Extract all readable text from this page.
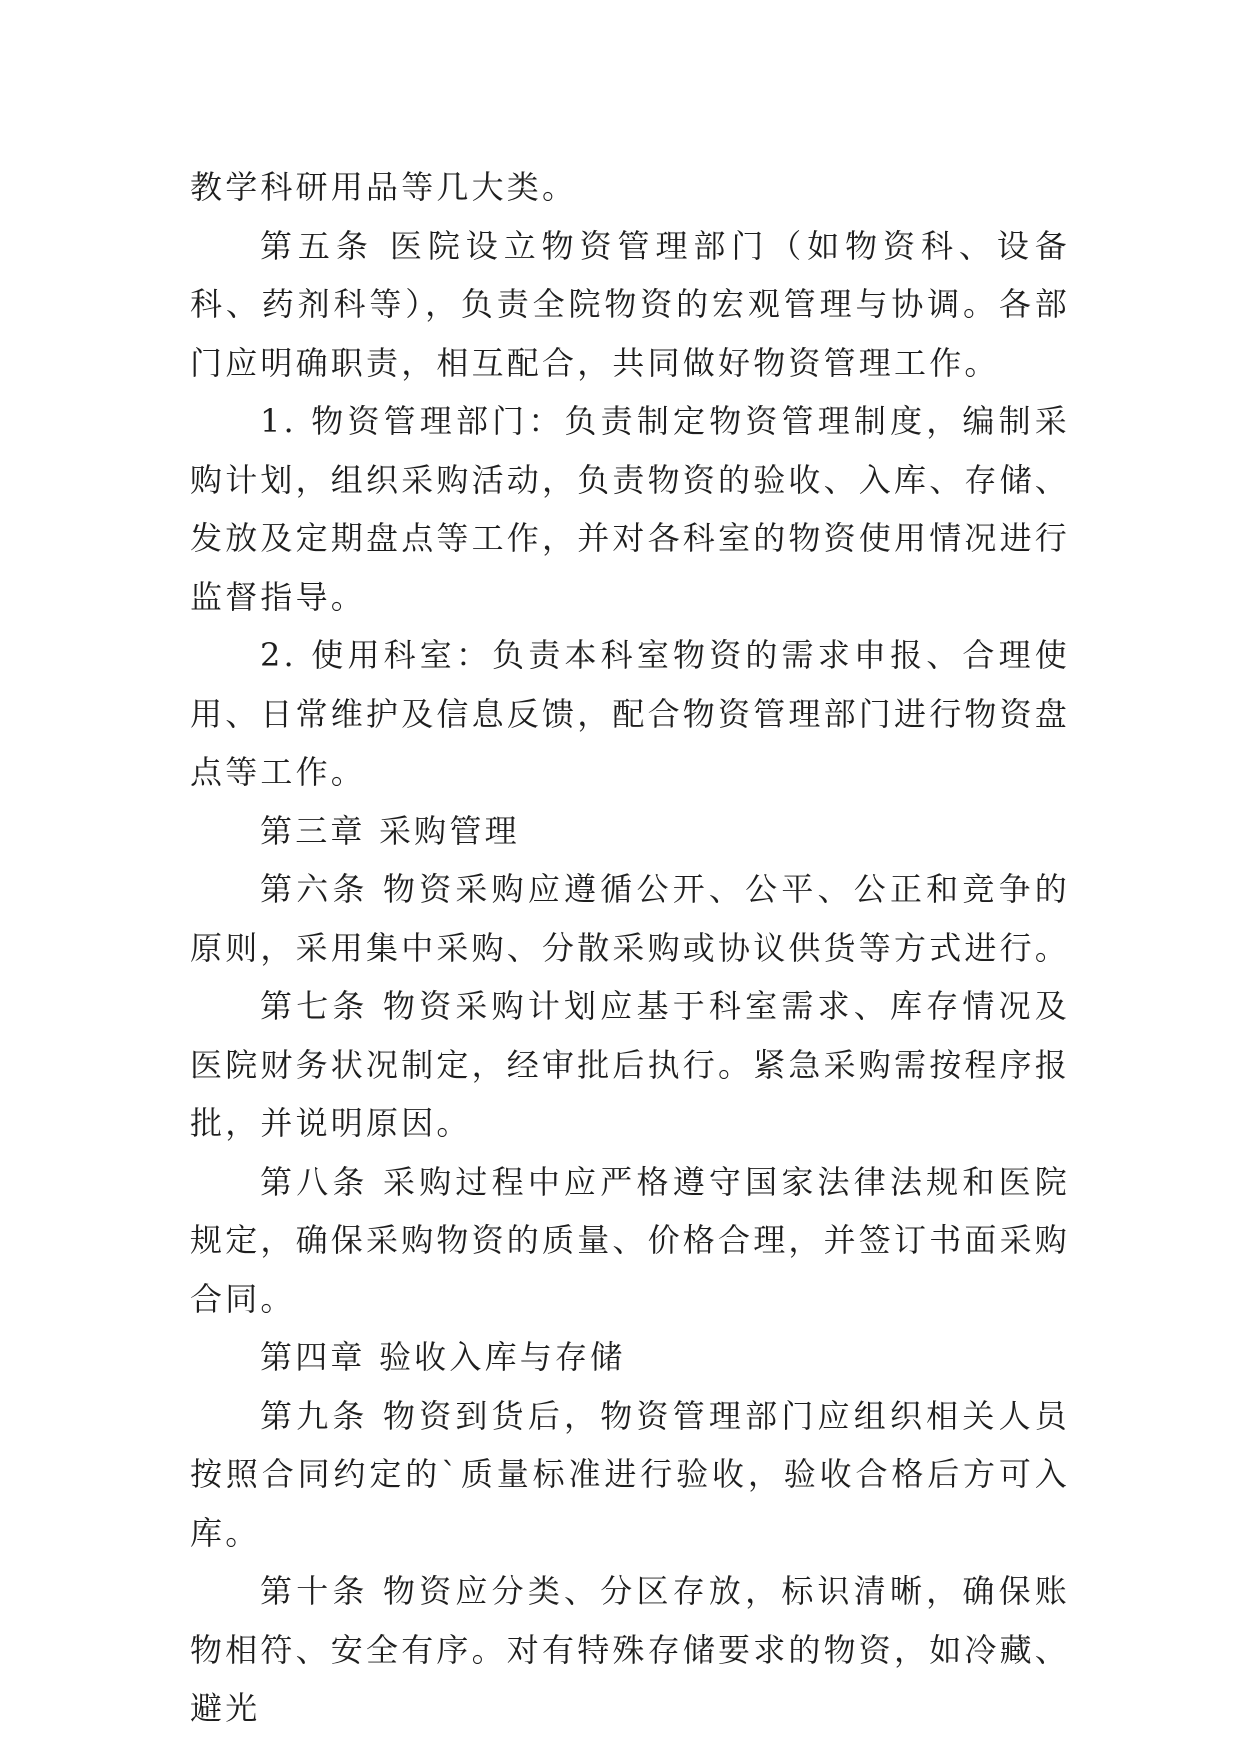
教学科研用品等几大类。

第五条 医院设立物资管理部门（如物资科、设备科、药剂科等），负责全院物资的宏观管理与协调。各部门应明确职责，相互配合，共同做好物资管理工作。

1. 物资管理部门：负责制定物资管理制度，编制采购计划，组织采购活动，负责物资的验收、入库、存储、发放及定期盘点等工作，并对各科室的物资使用情况进行监督指导。

2. 使用科室：负责本科室物资的需求申报、合理使用、日常维护及信息反馈，配合物资管理部门进行物资盘点等工作。

第三章 采购管理

第六条 物资采购应遵循公开、公平、公正和竞争的原则，采用集中采购、分散采购或协议供货等方式进行。

第七条 物资采购计划应基于科室需求、库存情况及医院财务状况制定，经审批后执行。紧急采购需按程序报批，并说明原因。

第八条 采购过程中应严格遵守国家法律法规和医院规定，确保采购物资的质量、价格合理，并签订书面采购合同。

第四章 验收入库与存储

第九条 物资到货后，物资管理部门应组织相关人员按照合同约定的`质量标准进行验收，验收合格后方可入库。

第十条 物资应分类、分区存放，标识清晰，确保账物相符、安全有序。对有特殊存储要求的物资，如冷藏、避光
